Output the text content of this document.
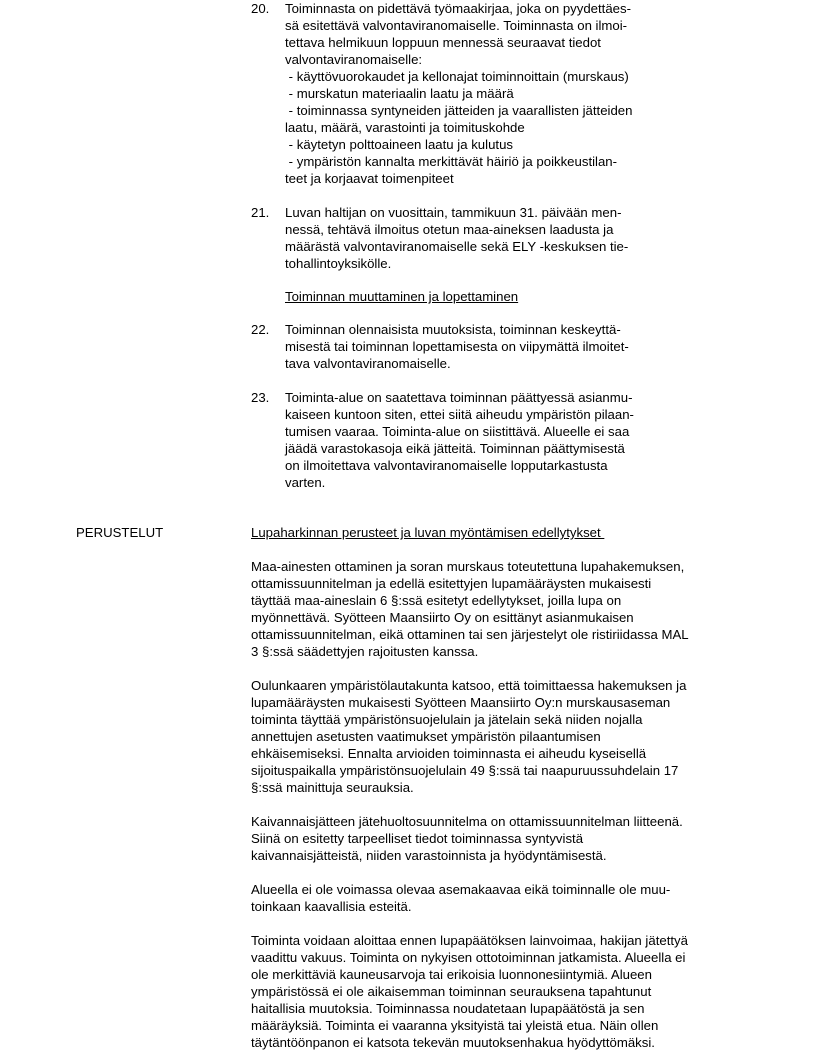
20. Toiminnasta on pidettävä työmaakirjaa, joka on pyydettäes-
sä esitettävä valvontaviranomaiselle. Toiminnasta on ilmoi-
tettava helmikuun loppuun mennessä seuraavat tiedot
valvontaviranomaiselle:
- käyttövuorokaudet ja kellonajat toiminnoittain (murskaus)
- murskatun materiaalin laatu ja määrä
- toiminnassa syntyneiden jätteiden ja vaarallisten jätteiden
laatu, määrä, varastointi ja toimituskohde
- käytetyn polttoaineen laatu ja kulutus
- ympäristön kannalta merkittävät häiriö ja poikkeustilan-
teet ja korjaavat toimenpiteet
21. Luvan haltijan on vuosittain, tammikuun 31. päivään men-
nessä, tehtävä ilmoitus otetun maa-aineksen laadusta ja
määrästä valvontaviranomaiselle sekä ELY -keskuksen tie-
tohallintoyksikölle.
Toiminnan muuttaminen ja lopettaminen
22. Toiminnan olennaisista muutoksista, toiminnan keskeyttä-
misestä tai toiminnan lopettamisesta on viipymättä ilmoitet-
tava valvontaviranomaiselle.
23. Toiminta-alue on saatettava toiminnan päättyessä asianmu-
kaiseen kuntoon siten, ettei siitä aiheudu ympäristön pilaan-
tumisen vaaraa. Toiminta-alue on siistittävä. Alueelle ei saa
jäädä varastokasoja eikä jätteitä. Toiminnan päättymisestä
on ilmoitettava valvontaviranomaiselle lopputarkastusta
varten.
PERUSTELUT	Lupaharkinnan perusteet ja luvan myöntämisen edellytykset
Maa-ainesten ottaminen ja soran murskaus toteutettuna lupahakemuksen,
ottamissuunnitelman ja edellä esitettyjen lupamääräysten mukaisesti
täyttää maa-aineslain 6 §:ssä esitetyt edellytykset, joilla lupa on
myönnettävä. Syötteen Maansiirto Oy on esittänyt asianmukaisen
ottamissuunnitelman, eikä ottaminen tai sen järjestelyt ole ristiriidassa MAL
3 §:ssä säädettyjen rajoitusten kanssa.
Oulunkaaren ympäristölautakunta katsoo, että toimittaessa hakemuksen ja
lupamääräysten mukaisesti Syötteen Maansiirto Oy:n murskausaseman
toiminta täyttää ympäristönsuojelulain ja jätelain sekä niiden nojalla
annettujen asetusten vaatimukset ympäristön pilaantumisen
ehkäisemiseksi. Ennalta arvioiden toiminnasta ei aiheudu kyseisellä
sijoituspaikalla ympäristönsuojelulain 49 §:ssä tai naapuruussuhdelain 17
§:ssä mainittuja seurauksia.
Kaivannaisjätteen jätehuoltosuunnitelma on ottamissuunnitelman liitteenä.
Siinä on esitetty tarpeelliset tiedot toiminnassa syntyvistä
kaivannaisjätteistä, niiden varastoinnista ja hyödyntämisestä.
Alueella ei ole voimassa olevaa asemakaavaa eikä toiminnalle ole muu-
toinkaan kaavallisia esteitä.
Toiminta voidaan aloittaa ennen lupapäätöksen lainvoimaa, hakijan jätettyä
vaadittu vakuus. Toiminta on nykyisen ottotoiminnan jatkamista. Alueella ei
ole merkittäviä kauneusarvoja tai erikoisia luonnonesiintymiä. Alueen
ympäristössä ei ole aikaisemman toiminnan seurauksena tapahtunut
haitallisia muutoksia. Toiminnassa noudatetaan lupapäätöstä ja sen
määräyksiä. Toiminta ei vaaranna yksityistä tai yleistä etua. Näin ollen
täytäntöönpanon ei katsota tekevän muutoksenhakua hyödyttömäksi.
